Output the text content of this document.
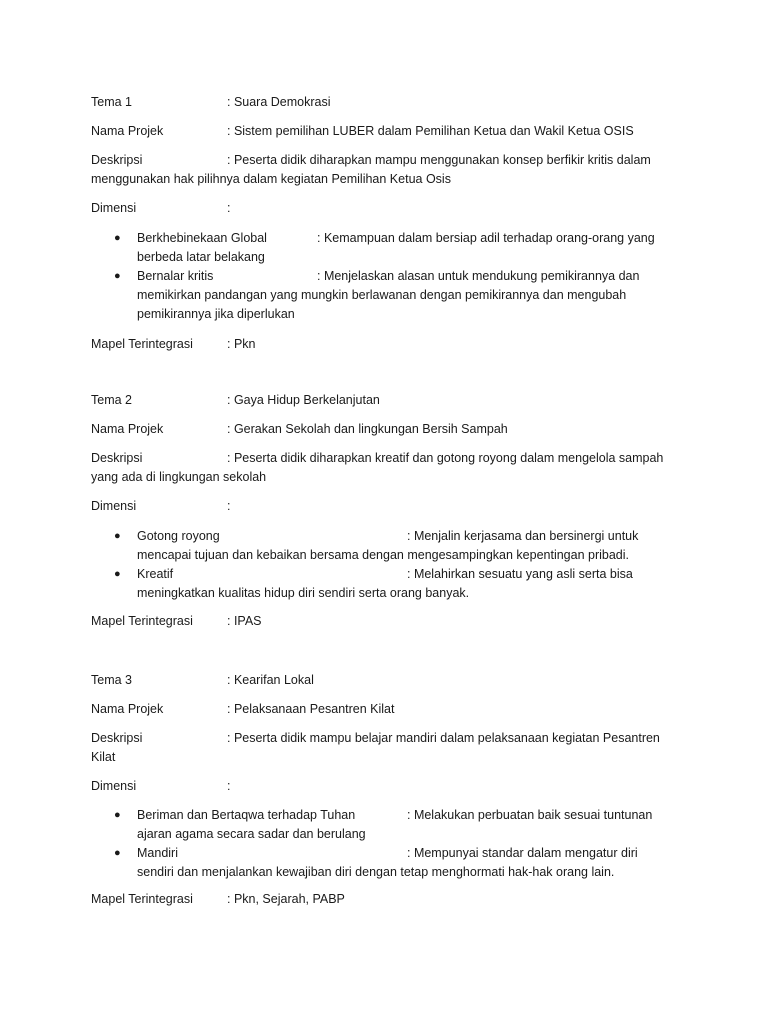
Tema 1	: Suara Demokrasi
Nama Projek	: Sistem pemilihan LUBER dalam Pemilihan Ketua dan Wakil Ketua OSIS
Deskripsi	: Peserta didik diharapkan mampu menggunakan konsep berfikir kritis dalam
menggunakan hak pilihnya dalam kegiatan Pemilihan Ketua Osis
Dimensi	:
● Berkhebinekaan Global	: Kemampuan dalam bersiap adil terhadap orang-orang yang
berbeda latar belakang
● Bernalar kritis	: Menjelaskan alasan untuk mendukung pemikirannya dan
memikirkan pandangan yang mungkin berlawanan dengan pemikirannya dan mengubah
pemikirannya jika diperlukan
Mapel Terintegrasi	: Pkn
Tema 2	: Gaya Hidup Berkelanjutan
Nama Projek	: Gerakan Sekolah dan lingkungan Bersih Sampah
Deskripsi	: Peserta didik diharapkan kreatif dan gotong royong dalam mengelola sampah
yang ada di lingkungan sekolah
Dimensi	:
● Gotong royong	: Menjalin kerjasama dan bersinergi untuk
mencapai tujuan dan kebaikan bersama dengan mengesampingkan kepentingan pribadi.
● Kreatif	: Melahirkan sesuatu yang asli serta bisa
meningkatkan kualitas hidup diri sendiri serta orang banyak.
Mapel Terintegrasi	: IPAS
Tema 3	: Kearifan Lokal
Nama Projek	: Pelaksanaan Pesantren Kilat
Deskripsi	: Peserta didik mampu belajar mandiri dalam pelaksanaan kegiatan Pesantren
Kilat
Dimensi	:
● Beriman dan Bertaqwa terhadap Tuhan	: Melakukan perbuatan baik sesuai tuntunan
ajaran agama secara sadar dan berulang
● Mandiri	: Mempunyai standar dalam mengatur diri
sendiri dan menjalankan kewajiban diri dengan tetap menghormati hak-hak orang lain.
Mapel Terintegrasi	: Pkn, Sejarah, PABP
